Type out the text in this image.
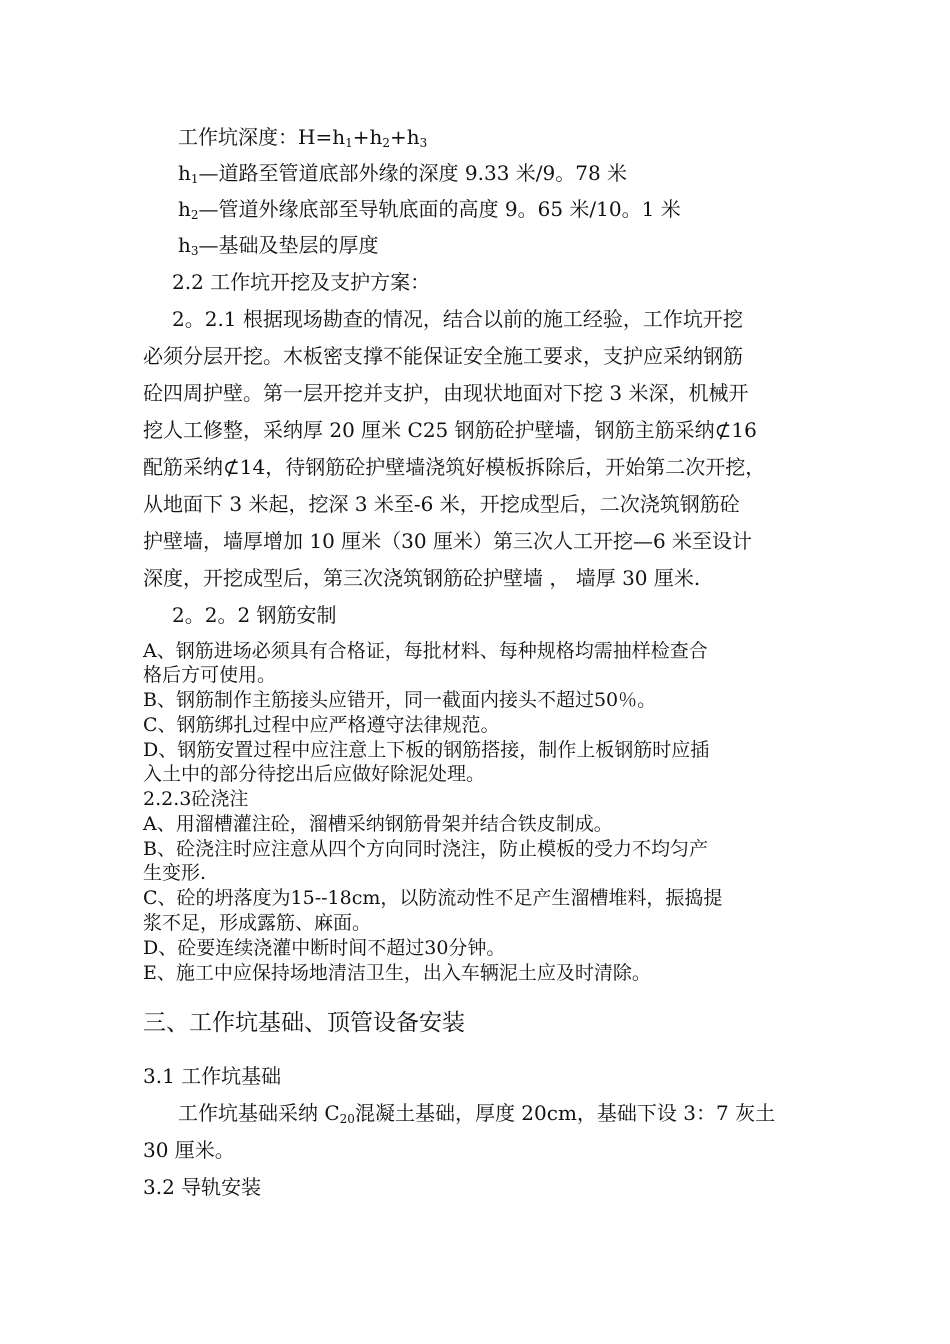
工作坑深度：$H=h_1+h_2+h_3$
$h_1—$道路至管道底部外缘的深度 9.33 米/9。78 米
$h_2—$管道外缘底部至导轨底面的高度 9。65 米/10。1 米
$h_3—$基础及垫层的厚度
2.2 工作坑开挖及支护方案：
2。2.1 根据现场勘查的情况，结合以前的施工经验，工作坑开挖
必须分层开挖。木板密支撑不能保证安全施工要求，支护应采纳钢筋
砼四周护壁。第一层开挖并支护，由现状地面对下挖 3 米深，机械开
挖人工修整，采纳厚 20 厘米 C25 钢筋砼护壁墙，钢筋主筋采纳⊄16
配筋采纳⊄14，待钢筋砼护壁墙浇筑好模板拆除后，开始第二次开挖，
从地面下 3 米起，挖深 3 米至-6 米，开挖成型后，二次浇筑钢筋砼
护壁墙，墙厚增加 10 厘米（30 厘米）第三次人工开挖—6 米至设计
深度，开挖成型后，第三次浇筑钢筋砼护壁墙 ， 墙厚 30 厘米.
2。2。2 钢筋安制
A、钢筋进场必须具有合格证，每批材料、每种规格均需抽样检查合
格后方可使用。
B、钢筋制作主筋接头应错开，同一截面内接头不超过50％。
C、钢筋绑扎过程中应严格遵守法律规范。
D、钢筋安置过程中应注意上下板的钢筋搭接，制作上板钢筋时应插
入土中的部分待挖出后应做好除泥处理。
2.2.3砼浇注
A、用溜槽灌注砼，溜槽采纳钢筋骨架并结合铁皮制成。
B、砼浇注时应注意从四个方向同时浇注，防止模板的受力不均匀产
生变形.
C、砼的坍落度为15--18cm，以防流动性不足产生溜槽堆料，振捣提
浆不足，形成露筋、麻面。
D、砼要连续浇灌中断时间不超过30分钟。
E、施工中应保持场地清洁卫生，出入车辆泥土应及时清除。
三、工作坑基础、顶管设备安装
3.1 工作坑基础
工作坑基础采纳 $C_{20}$混凝土基础，厚度 20cm，基础下设 3：7 灰土
30 厘米。
3.2 导轨安装
